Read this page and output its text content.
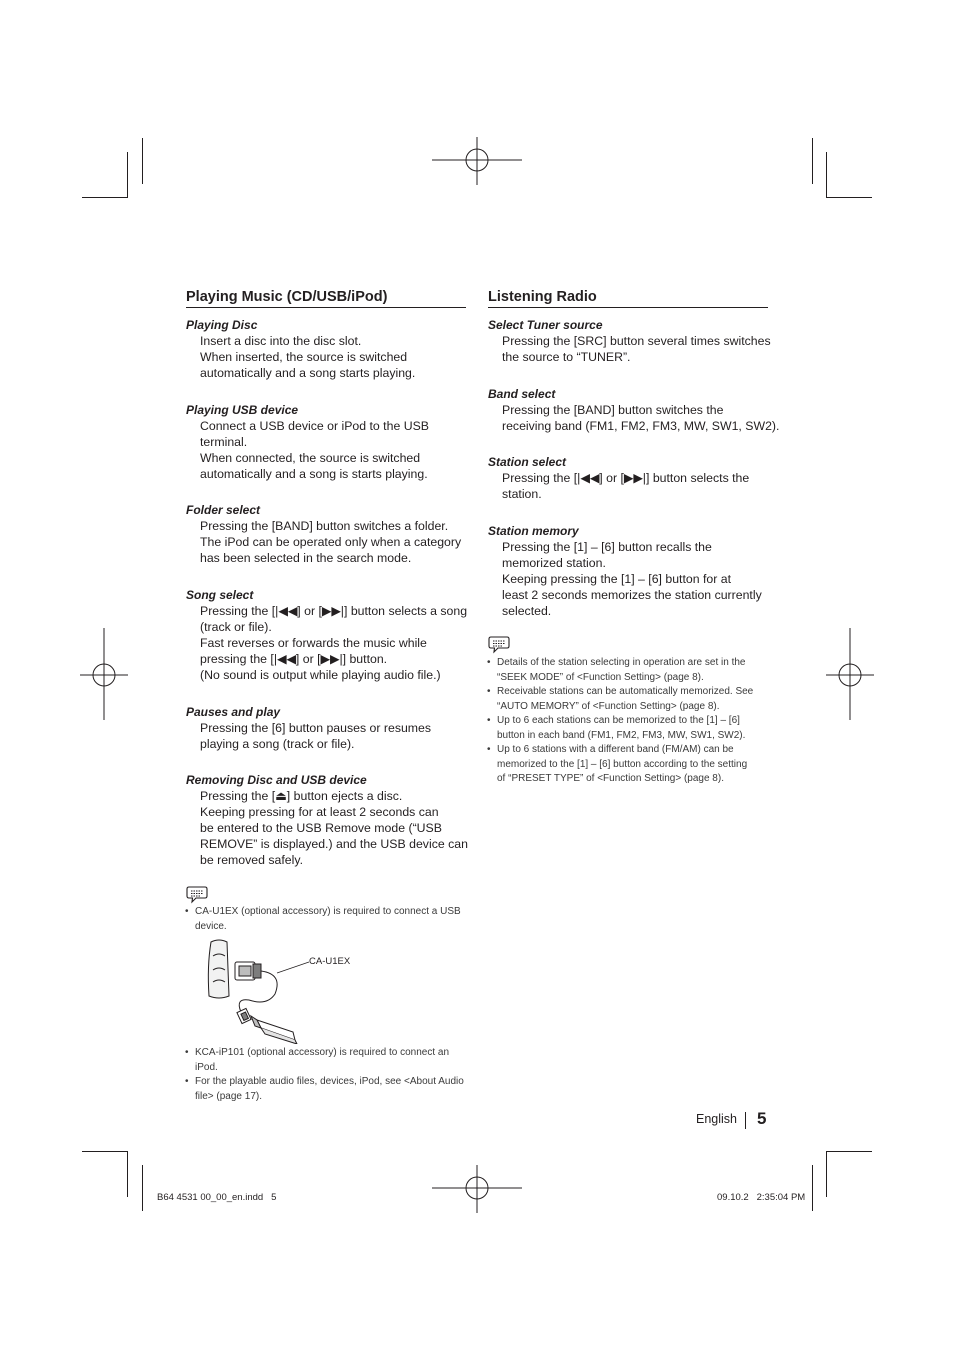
Playing Music (CD/USB/iPod)
Playing Disc
Insert a disc into the disc slot.
When inserted, the source is switched
automatically and a song starts playing.
Playing USB device
Connect a USB device or iPod to the USB
terminal.
When connected, the source is switched
automatically and a song is starts playing.
Folder select
Pressing the [BAND] button switches a folder.
The iPod can be operated only when a category
has been selected in the search mode.
Song select
Pressing the [|◀◀] or [▶▶|] button selects a song
(track or file).
Fast reverses or forwards the music while
pressing the [|◀◀] or [▶▶|] button.
(No sound is output while playing audio file.)
Pauses and play
Pressing the [6] button pauses or resumes
playing a song (track or file).
Removing Disc and USB device
Pressing the [⏏] button ejects a disc.
Keeping pressing for at least 2 seconds can
be entered to the USB Remove mode (“USB
REMOVE” is displayed.) and the USB device can
be removed safely.
• CA-U1EX (optional accessory) is required to connect a USB
device.
CA-U1EX
• KCA-iP101 (optional accessory) is required to connect an
iPod.
• For the playable audio files, devices, iPod, see <About Audio
file> (page 17).
Listening Radio
Select Tuner source
Pressing the [SRC] button several times switches
the source to “TUNER”.
Band select
Pressing the [BAND] button switches the
receiving band (FM1, FM2, FM3, MW, SW1, SW2).
Station select
Pressing the [|◀◀] or [▶▶|] button selects the
station.
Station memory
Pressing the [1] – [6] button recalls the
memorized station.
Keeping pressing the [1] – [6] button for at
least 2 seconds memorizes the station currently
selected.
• Details of the station selecting in operation are set in the
“SEEK MODE” of <Function Setting> (page 8).
• Receivable stations can be automatically memorized. See
“AUTO MEMORY” of <Function Setting> (page 8).
• Up to 6 each stations can be memorized to the [1] – [6]
button in each band (FM1, FM2, FM3, MW, SW1, SW2).
• Up to 6 stations with a different band (FM/AM) can be
memorized to the [1] – [6] button according to the setting
of “PRESET TYPE” of <Function Setting> (page 8).
English 5
B64 4531 00_00_en.indd   5	09.10.2   2:35:04 PM
